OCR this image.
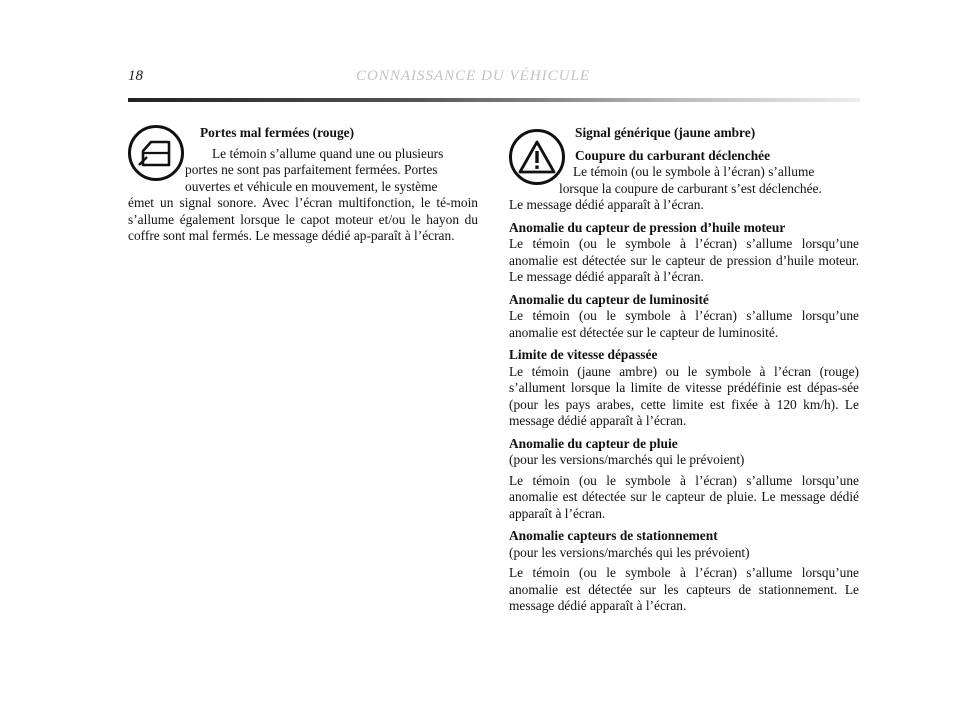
18	CONNAISSANCE DU VÉHICULE

Portes mal fermées (rouge)

Le témoin s’allume quand une ou plusieurs

portes ne sont pas parfaitement fermées. Portes

ouvertes et véhicule en mouvement, le système

émet un signal sonore. Avec l’écran multifonction, le té-moin s’allume également lorsque le capot moteur et/ou le hayon du coffre sont mal fermés. Le message dédié ap-paraît à l’écran.

Signal générique (jaune ambre)

Coupure du carburant déclenchée

Le témoin (ou le symbole à l’écran) s’allume

lorsque la coupure de carburant s’est déclenchée.

Le message dédié apparaît à l’écran.

Anomalie du capteur de pression d’huile moteur

Le témoin (ou le symbole à l’écran) s’allume lorsqu’une anomalie est détectée sur le capteur de pression d’huile moteur. Le message dédié apparaît à l’écran.

Anomalie du capteur de luminosité

Le témoin (ou le symbole à l’écran) s’allume lorsqu’une anomalie est détectée sur le capteur de luminosité.

Limite de vitesse dépassée

Le témoin (jaune ambre) ou le symbole à l’écran (rouge) s’allument lorsque la limite de vitesse prédéfinie est dépas-sée (pour les pays arabes, cette limite est fixée à 120 km/h). Le message dédié apparaît à l’écran.

Anomalie du capteur de pluie

(pour les versions/marchés qui le prévoient)

Le témoin (ou le symbole à l’écran) s’allume lorsqu’une anomalie est détectée sur le capteur de pluie. Le message dédié apparaît à l’écran.

Anomalie capteurs de stationnement

(pour les versions/marchés qui les prévoient)

Le témoin (ou le symbole à l’écran) s’allume lorsqu’une anomalie est détectée sur les capteurs de stationnement. Le message dédié apparaît à l’écran.
